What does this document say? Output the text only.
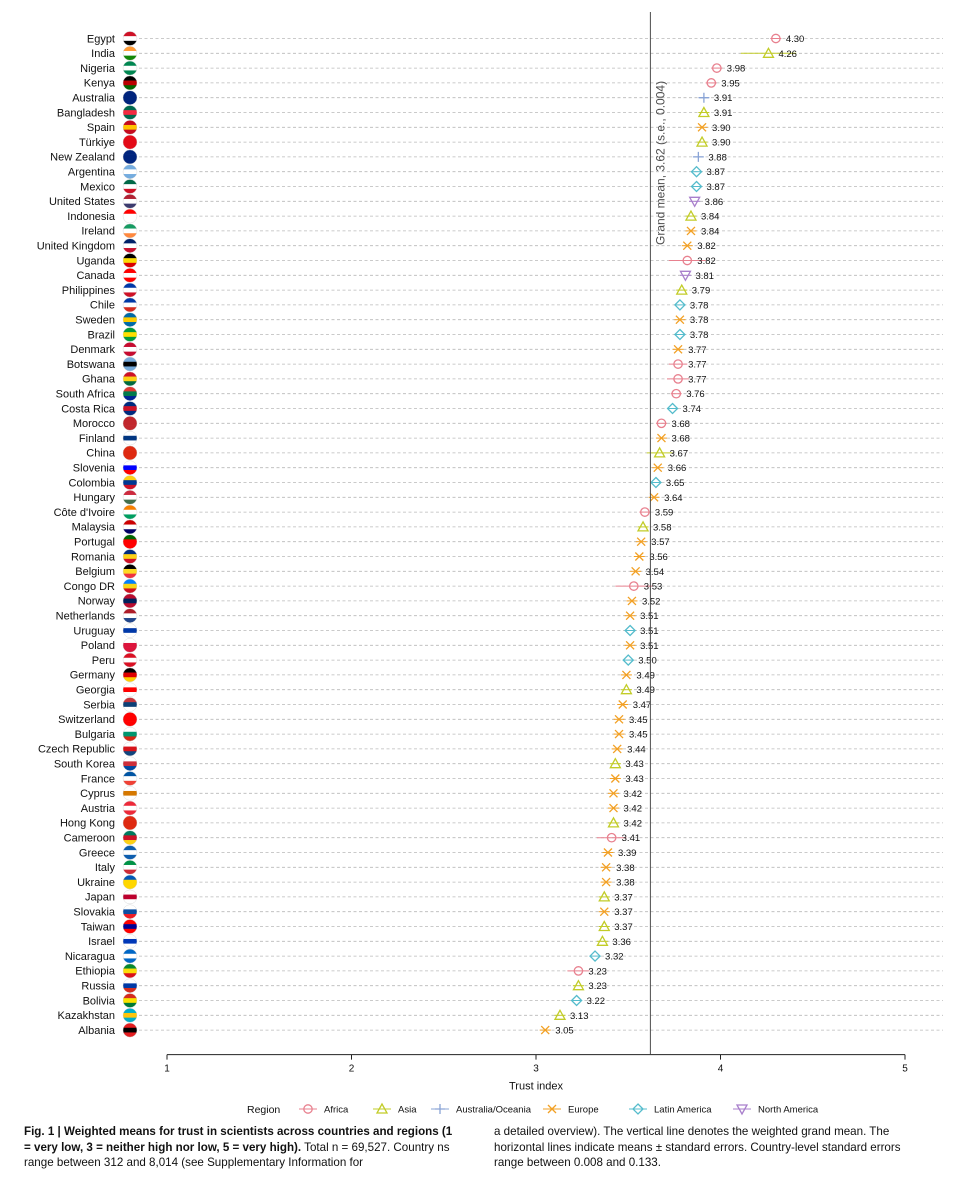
Egypt	4.30
India	4.26
Nigeria	3.98
Kenya	3.95
Australia	3.91
Bangladesh	3.91
Spain	3.90
Türkiye	3.90
New Zealand	3.88
Argentina	3.87
Mexico	3.87
United States	3.86
Indonesia	3.84
Ireland	3.84
United Kingdom	3.82
Uganda	3.82
Canada	3.81
Philippines	3.79
Chile	3.78
Sweden	3.78
Brazil	3.78
Denmark	3.77
Botswana	3.77
Ghana	3.77
South Africa	3.76
Costa Rica	3.74
Morocco	3.68
Finland	3.68
China	3.67
Slovenia	3.66
Colombia	3.65
Hungary	3.64
Côte d'Ivoire	3.59
Malaysia	3.58
Portugal	3.57
Romania	3.56
Belgium	3.54
Congo DR	3.53
Norway	3.52
Netherlands	3.51
Uruguay	3.51
Poland	3.51
Peru	3.50
Germany	3.49
Georgia	3.49
Serbia	3.47
Switzerland	3.45
Bulgaria	3.45
Czech Republic	3.44
South Korea	3.43
France	3.43
Cyprus	3.42
Austria	3.42
Hong Kong	3.42
Cameroon	3.41
Greece	3.39
Italy	3.38
Ukraine	3.38
Japan	3.37
Slovakia	3.37
Taiwan	3.37
Israel	3.36
Nicaragua	3.32
Ethiopia	3.23
Russia	3.23
Bolivia	3.22
Kazakhstan	3.13
Albania	3.05
1	2	3	4	5
Grand mean, 3.62 (s.e., 0.004)
Trust index
Region	Africa	Asia	Australia/Oceania	Europe	Latin America	North America
Fig. 1 | Weighted means for trust in scientists across countries and regions (1 = very low, 3 = neither high nor low, 5 = very high). Total n = 69,527. Country ns range between 312 and 8,014 (see Supplementary Information for
a detailed overview). The vertical line denotes the weighted grand mean. The horizontal lines indicate means ± standard errors. Country-level standard errors range between 0.008 and 0.133.
